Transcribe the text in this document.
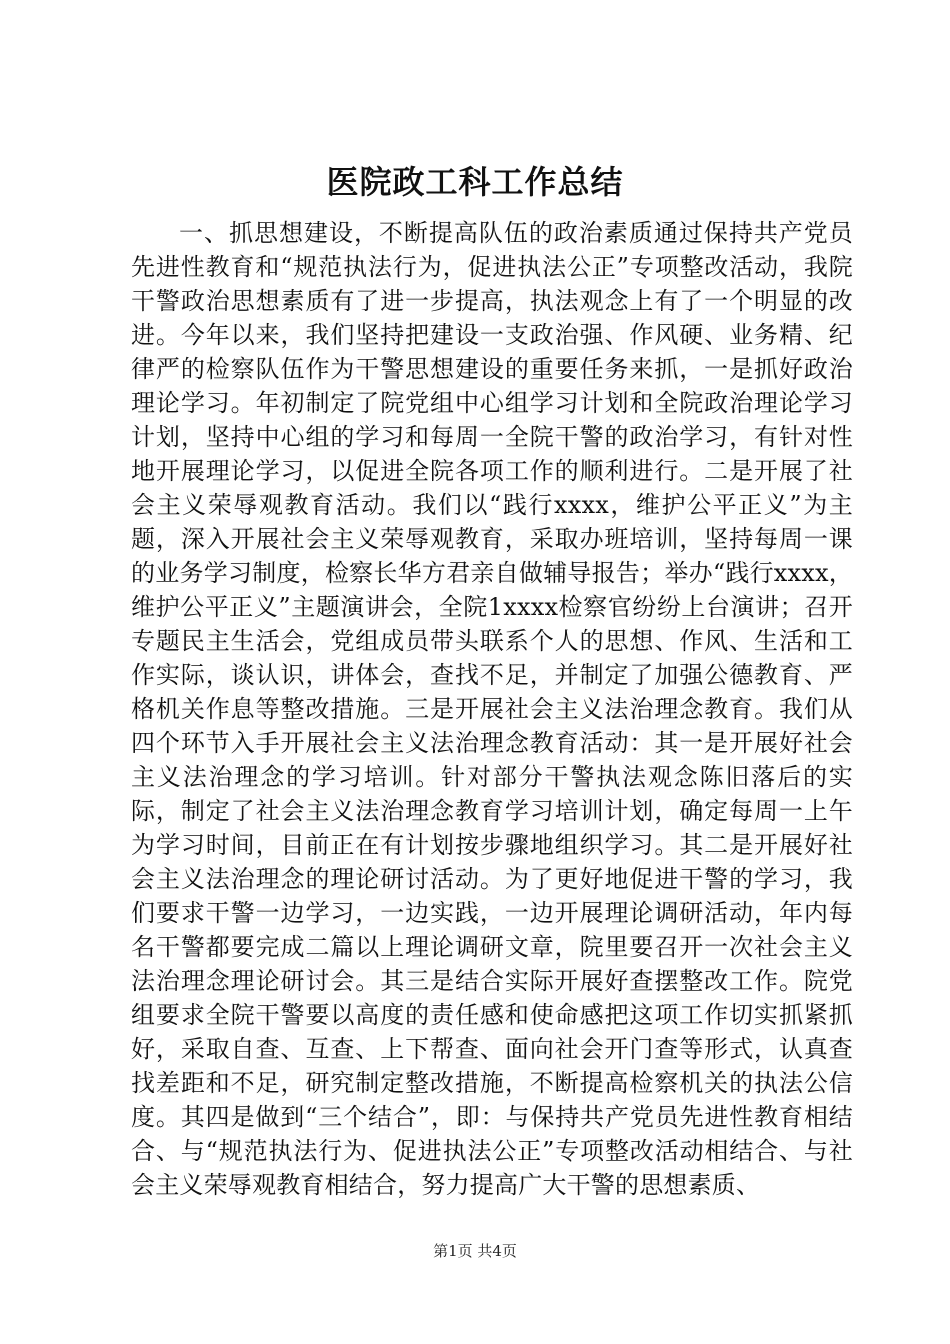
医院政工科工作总结

一、抓思想建设，不断提高队伍的政治素质通过保持共产党员先进性教育和“规范执法行为，促进执法公正”专项整改活动，我院干警政治思想素质有了进一步提高，执法观念上有了一个明显的改进。今年以来，我们坚持把建设一支政治强、作风硬、业务精、纪律严的检察队伍作为干警思想建设的重要任务来抓，一是抓好政治理论学习。年初制定了院党组中心组学习计划和全院政治理论学习计划，坚持中心组的学习和每周一全院干警的政治学习，有针对性地开展理论学习，以促进全院各项工作的顺利进行。二是开展了社会主义荣辱观教育活动。我们以“践行xxxx，维护公平正义”为主题，深入开展社会主义荣辱观教育，采取办班培训，坚持每周一课的业务学习制度，检察长华方君亲自做辅导报告；举办“践行xxxx，维护公平正义”主题演讲会，全院1xxxx检察官纷纷上台演讲；召开专题民主生活会，党组成员带头联系个人的思想、作风、生活和工作实际，谈认识，讲体会，查找不足，并制定了加强公德教育、严格机关作息等整改措施。三是开展社会主义法治理念教育。我们从四个环节入手开展社会主义法治理念教育活动：其一是开展好社会主义法治理念的学习培训。针对部分干警执法观念陈旧落后的实际，制定了社会主义法治理念教育学习培训计划，确定每周一上午为学习时间，目前正在有计划按步骤地组织学习。其二是开展好社会主义法治理念的理论研讨活动。为了更好地促进干警的学习，我们要求干警一边学习，一边实践，一边开展理论调研活动，年内每名干警都要完成二篇以上理论调研文章，院里要召开一次社会主义法治理念理论研讨会。其三是结合实际开展好查摆整改工作。院党组要求全院干警要以高度的责任感和使命感把这项工作切实抓紧抓好，采取自查、互查、上下帮查、面向社会开门查等形式，认真查找差距和不足，研究制定整改措施，不断提高检察机关的执法公信度。其四是做到“三个结合”，即：与保持共产党员先进性教育相结合、与“规范执法行为、促进执法公正”专项整改活动相结合、与社会主义荣辱观教育相结合，努力提高广大干警的思想素质、

第1页 共4页
